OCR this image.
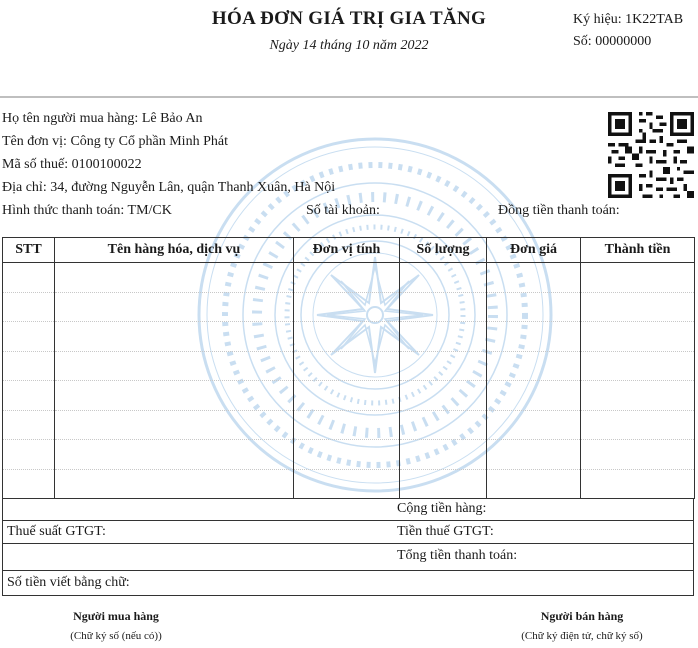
HÓA ĐƠN GIÁ TRỊ GIA TĂNG
Ngày 14 tháng 10 năm 2022
Ký hiệu: 1K22TAB
Số: 00000000
Họ tên người mua hàng: Lê Bảo An
Tên đơn vị: Công ty Cổ phần Minh Phát
Mã số thuế: 0100100022
Địa chỉ: 34, đường Nguyễn Lân, quận Thanh Xuân, Hà Nội
Hình thức thanh toán: TM/CK	Số tài khoản:	Đồng tiền thanh toán:
STT	Tên hàng hóa, dịch vụ	Đơn vị tính	Số lượng	Đơn giá	Thành tiền

Cộng tiền hàng:
Thuế suất GTGT:	Tiền thuế GTGT:
Tổng tiền thanh toán:
Số tiền viết bằng chữ:
Người mua hàng
(Chữ ký số (nếu có))
Người bán hàng
(Chữ ký điện tử, chữ ký số)
